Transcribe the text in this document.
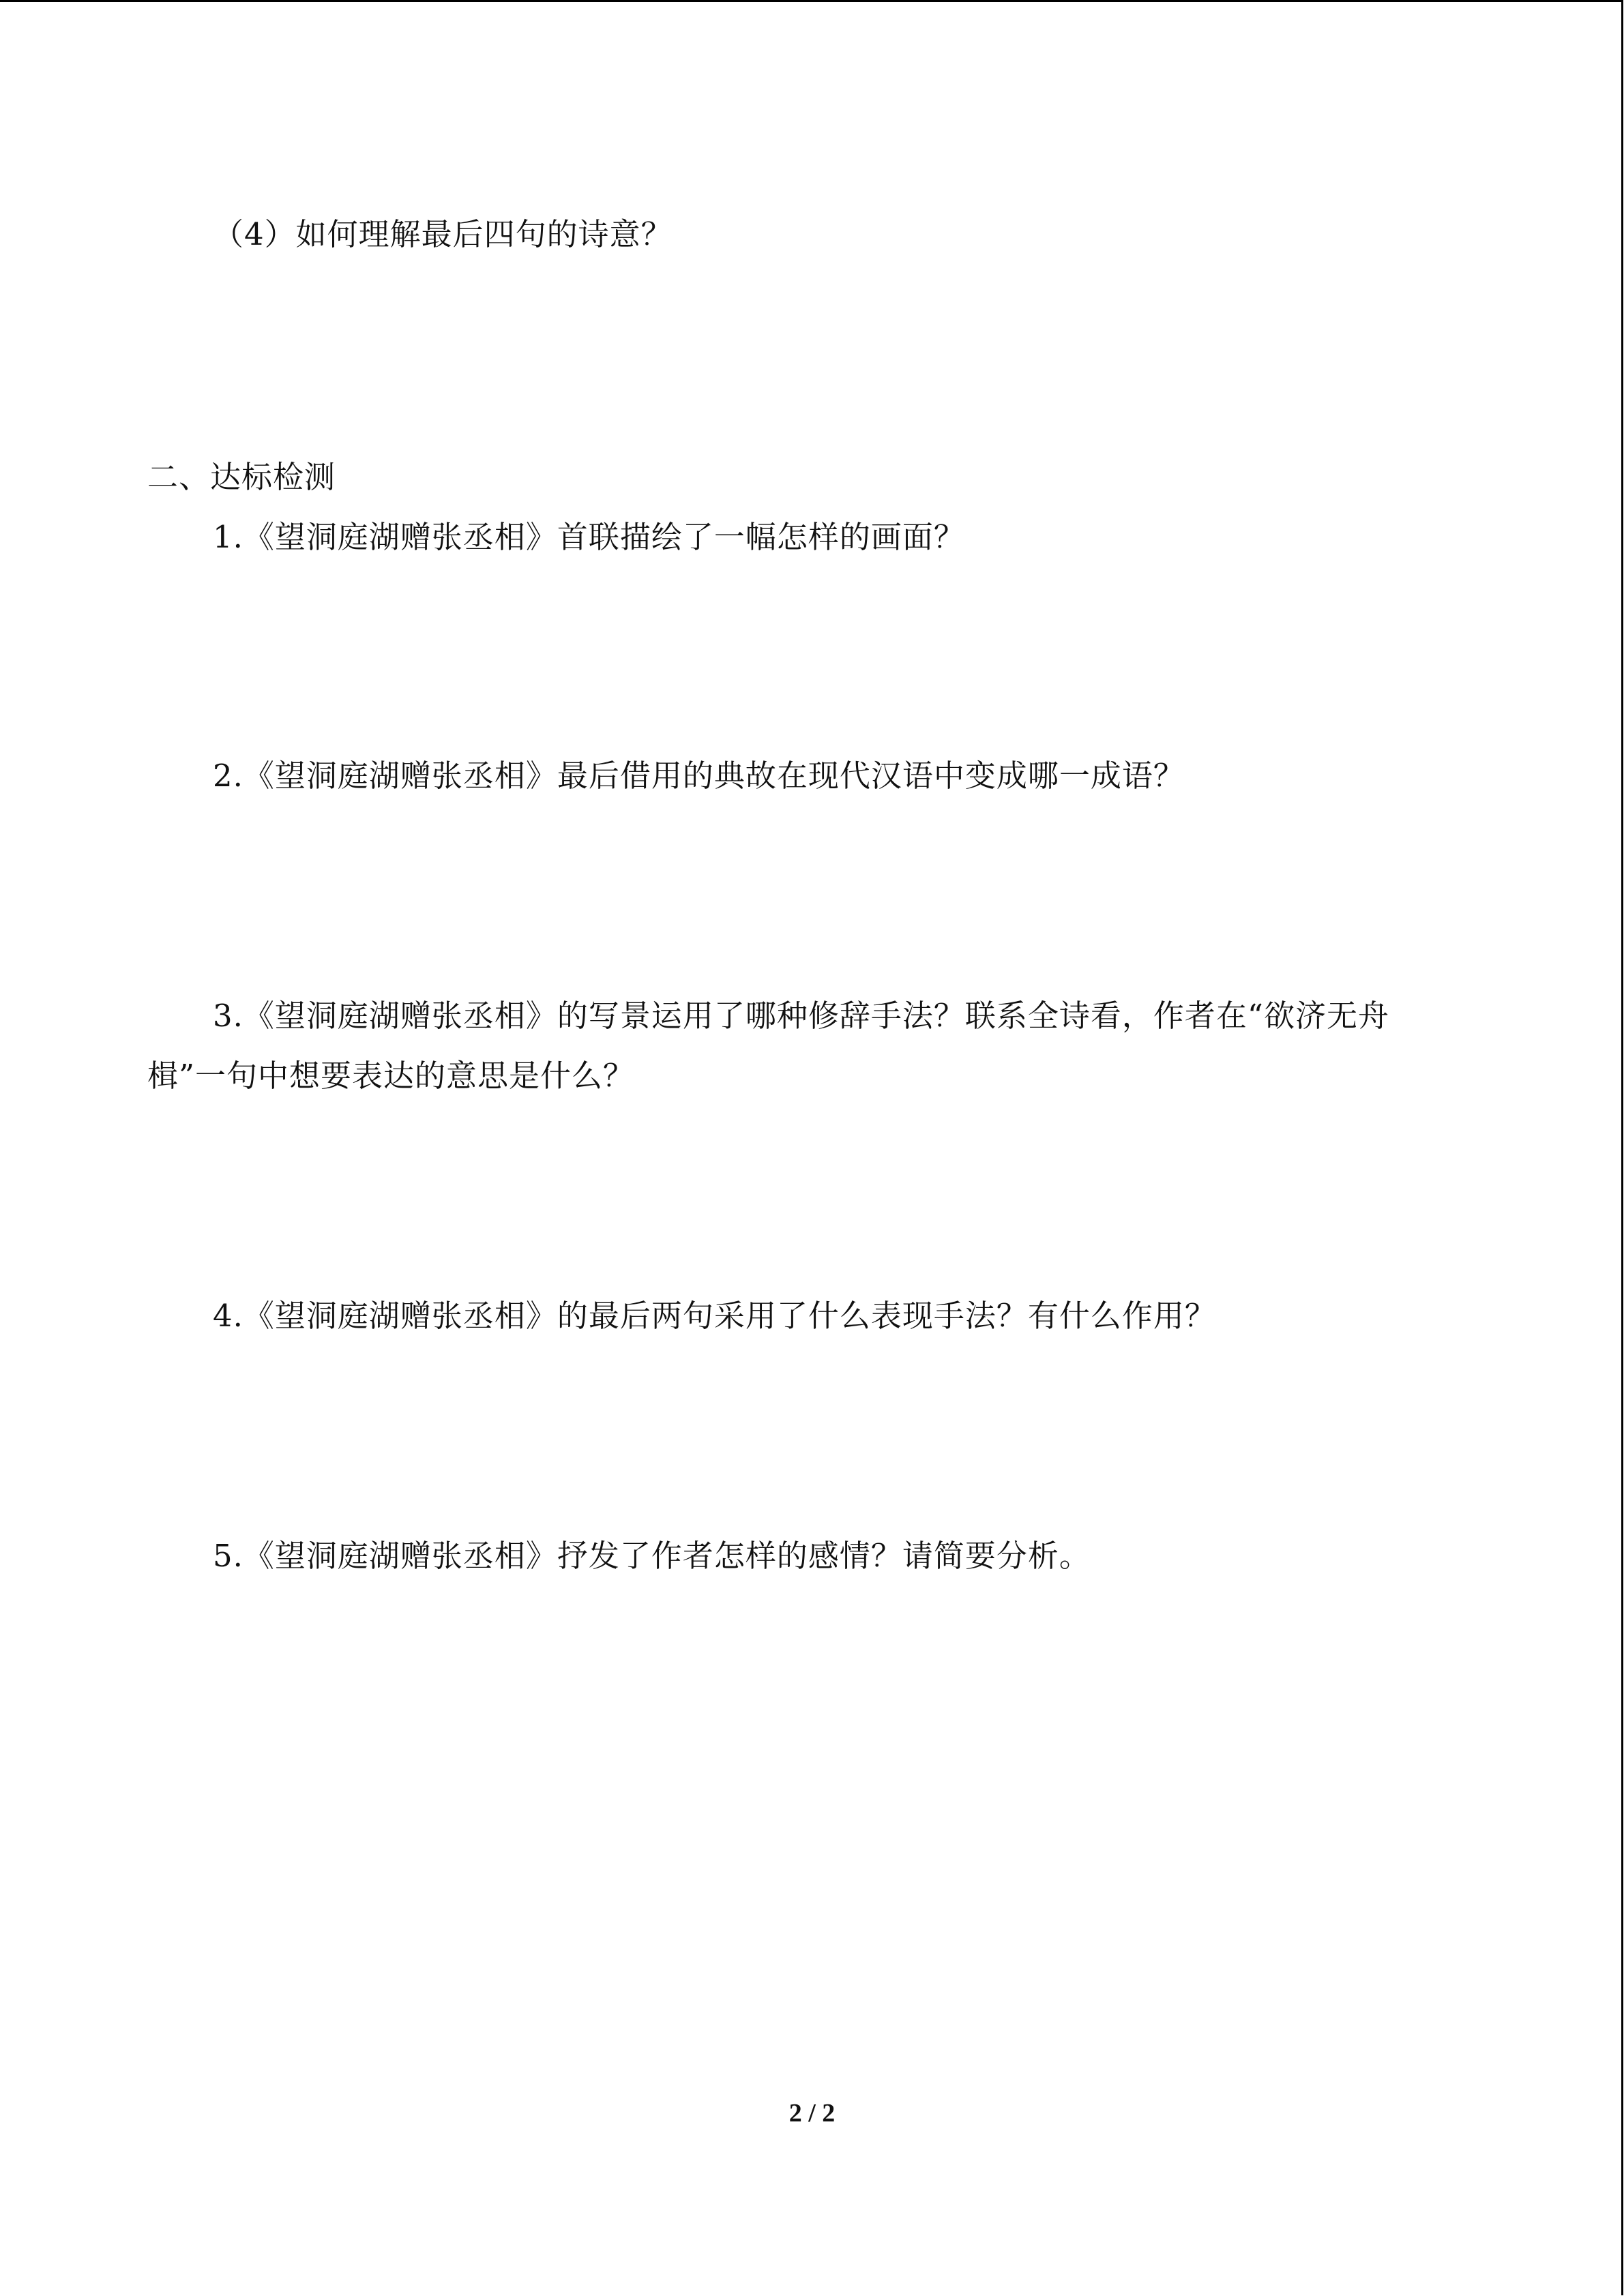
（4）如何理解最后四句的诗意？
二、达标检测
1.《望洞庭湖赠张丞相》首联描绘了一幅怎样的画面？
2.《望洞庭湖赠张丞相》最后借用的典故在现代汉语中变成哪一成语？
3.《望洞庭湖赠张丞相》的写景运用了哪种修辞手法？联系全诗看，作者在“欲济无舟
楫”一句中想要表达的意思是什么？
4.《望洞庭湖赠张丞相》的最后两句采用了什么表现手法？有什么作用？
5.《望洞庭湖赠张丞相》抒发了作者怎样的感情？请简要分析。
2 / 2
